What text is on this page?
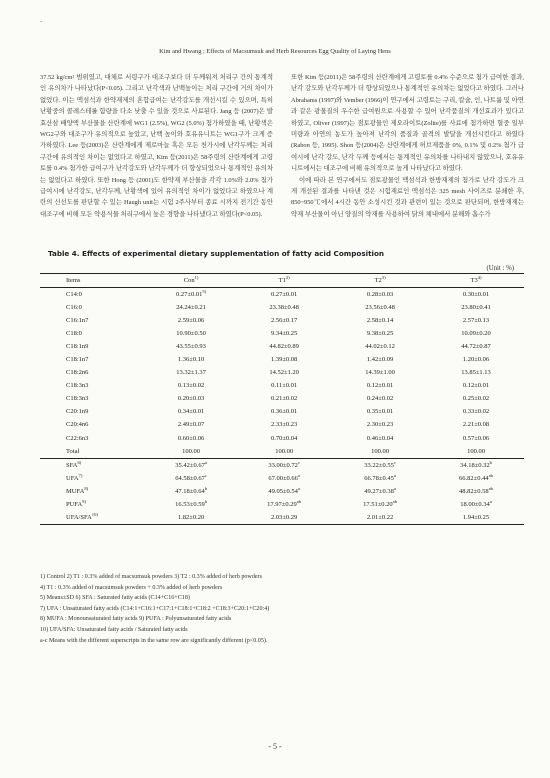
·
Kim and Hwang ; Effects of Macsumsuk and Herb Resources Egg Quality of Laying Hens

37.52 kg/cm² 범위였고, 대체로 서령구가 대조구보다 더 두께워져 처리구 간의 통계적인 유의차가 나타났다(P<0.05). 그리고 난각색과 난백높이는 처리 구간에 거의 차이가 없었다. 이는 맥섬석과 한약재제의 혼합급여는 난각강도를 개선시킬 수 있으며, 특히 난황중의 콜레스테롤 함량을 다소 낮출 수 있을 것으로 사료된다. Jang 등 (2007)은 발효산삼 배양액 부산물을 산란계에 WG1 (2.5%), WG2 (5.0%) 첨가하였을 때, 난황색은 WG2구와 대조구가 유의적으로 높았고, 난백 높이와 호유유니트는 WG1구가 크게 증가하였다. Lee 등(2003)은 산란계에게 제로마늘 혹은 모든 천가시에 난각두께는 처리구간에 유의적인 차이는 없었다고 하였고, Kim 등(2011)은 58주령의 산란계에게 고령토를 0.4% 첨가한 급여구가 난각강도와 난각두께가 더 향상되었으나 통계적인 유의차는 없었다고 하였다. 또한 Hong 등 (2001)도 한약재 부산물을 각각 1.0%와 2.0% 첨가 급여시에 난각강도, 난각두께, 난황색에 있어 유의적인 차이가 없었다고 하였으나 계란의 신선도를 판단할 수 있는 Haugh unit는 시험 2주사부터 종료 시까지 전기간 동안 대조구에 비해 모든 약용식물 처리구에서 높은 경향을 나타냈다고 하였다(P<0.05).

또한 Kim 등(2011)은 58주령의 산란계에게 고령토를 0.4% 수준으로 첨가 급여한 결과, 난각 강도와 난각두께가 더 향상되었으나 통계적인 유의차는 없었다고 하였다. 그러나 Abrahams (1997)와 Vember (1966)이 연구에서 고령토는 구리, 칼슘, 인, 나트륨 및 아연과 같은 광물질의 우수한 급여원으로 사용할 수 있어 난각품질의 개선효과가 있다고 하였고, Oliver (1997)는 점토광물인 제오라이트(Zolite)를 사료에 첨가하면 혈중 일부미량과 아연의 농도가 높아져 난각의 품질과 골격의 발달을 개선시킨다고 하였다(Rabon 등, 1995). Shon 등(2004)은 산란계에게 허브제품을 0%, 0.1% 및 0.2% 첨가 급여시에 난각 강도, 난각 두께 등에서는 통계적인 유의차를 나타내지 않았으나, 호유유니트에서는 대조구에 비해 유의적으로 높게 나타났다고 하였다.

이에 따라 본 연구에서도 점토광물인 맥섬석과 한방재제의 첨가로 난각 강도가 크게 개선된 결과를 나타낸 것은 시험재료인 맥섬석은 325 mesh 사이즈로 분쇄한 후, 850~950℃에서 4시간 동안 소성시킨 것과 관련이 있는 것으로 판단되며, 한방재제는 약재 부산물이 아닌 양질의 약재를 사용하여 닭의 체내에서 분해와 흡수가

Table 4. Effects of experimental dietary supplementation of fatty acid Composition
(Unit : %)
Items	Con$^{1)}$	T1$^{2)}$	T2$^{3)}$	T3$^{4)}$
C14:0	$0.27\pm 0.01^{5)}$	0.27±0.01	0.28±0.03	0.30±0.01
C16:0	24.24±0.21	23.38±0.48	23.56±0.48	23.80±0.41
C16:1n7	2.59±0.06	2.56±0.17	2.58±0.14	2.57±0.13
C18:0	10.90±0.50	9.34±0.25	9.38±0.25	10.09±0.20
C18:1n9	43.55±0.93	44.82±0.89	44.02±0.12	44.72±0.87
C18:1n7	1.36±0.10	1.39±0.08	1.42±0.09	1.20±0.06
C18:2n6	13.32±1.37	14.52±1.20	14.39±1.00	13.85±1.13
C18:3n3	0.13±0.02	0.11±0.01	0.12±0.01	0.12±0.01
C18:3n3	0.20±0.03	0.21±0.02	0.24±0.02	0.25±0.02
C20:1n9	0.34±0.01	0.36±0.01	0.35±0.01	0.33±0.02
C20:4n6	2.49±0.07	2.33±0.23	2.30±0.23	2.21±0.08
C22:6n3	0.60±0.06	0.70±0.04	0.46±0.04	0.57±0.06
Total	100.00	100.00	100.00	100.00
SFA$^{6)}$	35.42±0.67$^a$	33.00±0.72$^c$	33.22±0.55$^c$	34.18±0.32$^b$
UFA$^{7)}$	64.58±0.67$^c$	67.00±0.66$^a$	66.78±0.45$^a$	66.82±0.44$^{ab}$
MUFA$^{8)}$	47.18±0.64$^b$	49.05±0.54$^a$	49.27±0.38$^a$	48.82±0.58$^{ab}$
PUFA$^{9)}$	16.53±0.59$^b$	17.97±0.29$^{ab}$	17.51±0.20$^{ab}$	18.00±0.34$^a$
UFA/SFA$^{10)}$	1.82±0.20	2.03±0.29	2.01±0.22	1.94±0.25
1) Control 2) T1 : 0.3% added of macsumsuk powders 3) T2 : 0.3% added of herb powders
4) T1 : 0.3% added of macsumsuk powders + 0.3% added of herb powders
5) Means±SD 6) SFA : Saturated fatty acids (C14+C16+C18)
7) UFA : Unsaturated fatty acids (C14:1+C16:1+C17:1+C18:1+C18:2 +C18:3+C20:1+C20:4)
8) MUFA : Monounsaturated fatty acids 9) PUFA : Polyunsaturated fatty acids
10) UFA/SFA: Unsaturated fatty acids / Saturated fatty acids
a-c Means with the different superscripts in the same row are significantly different (p<0.05).
- 5 -
